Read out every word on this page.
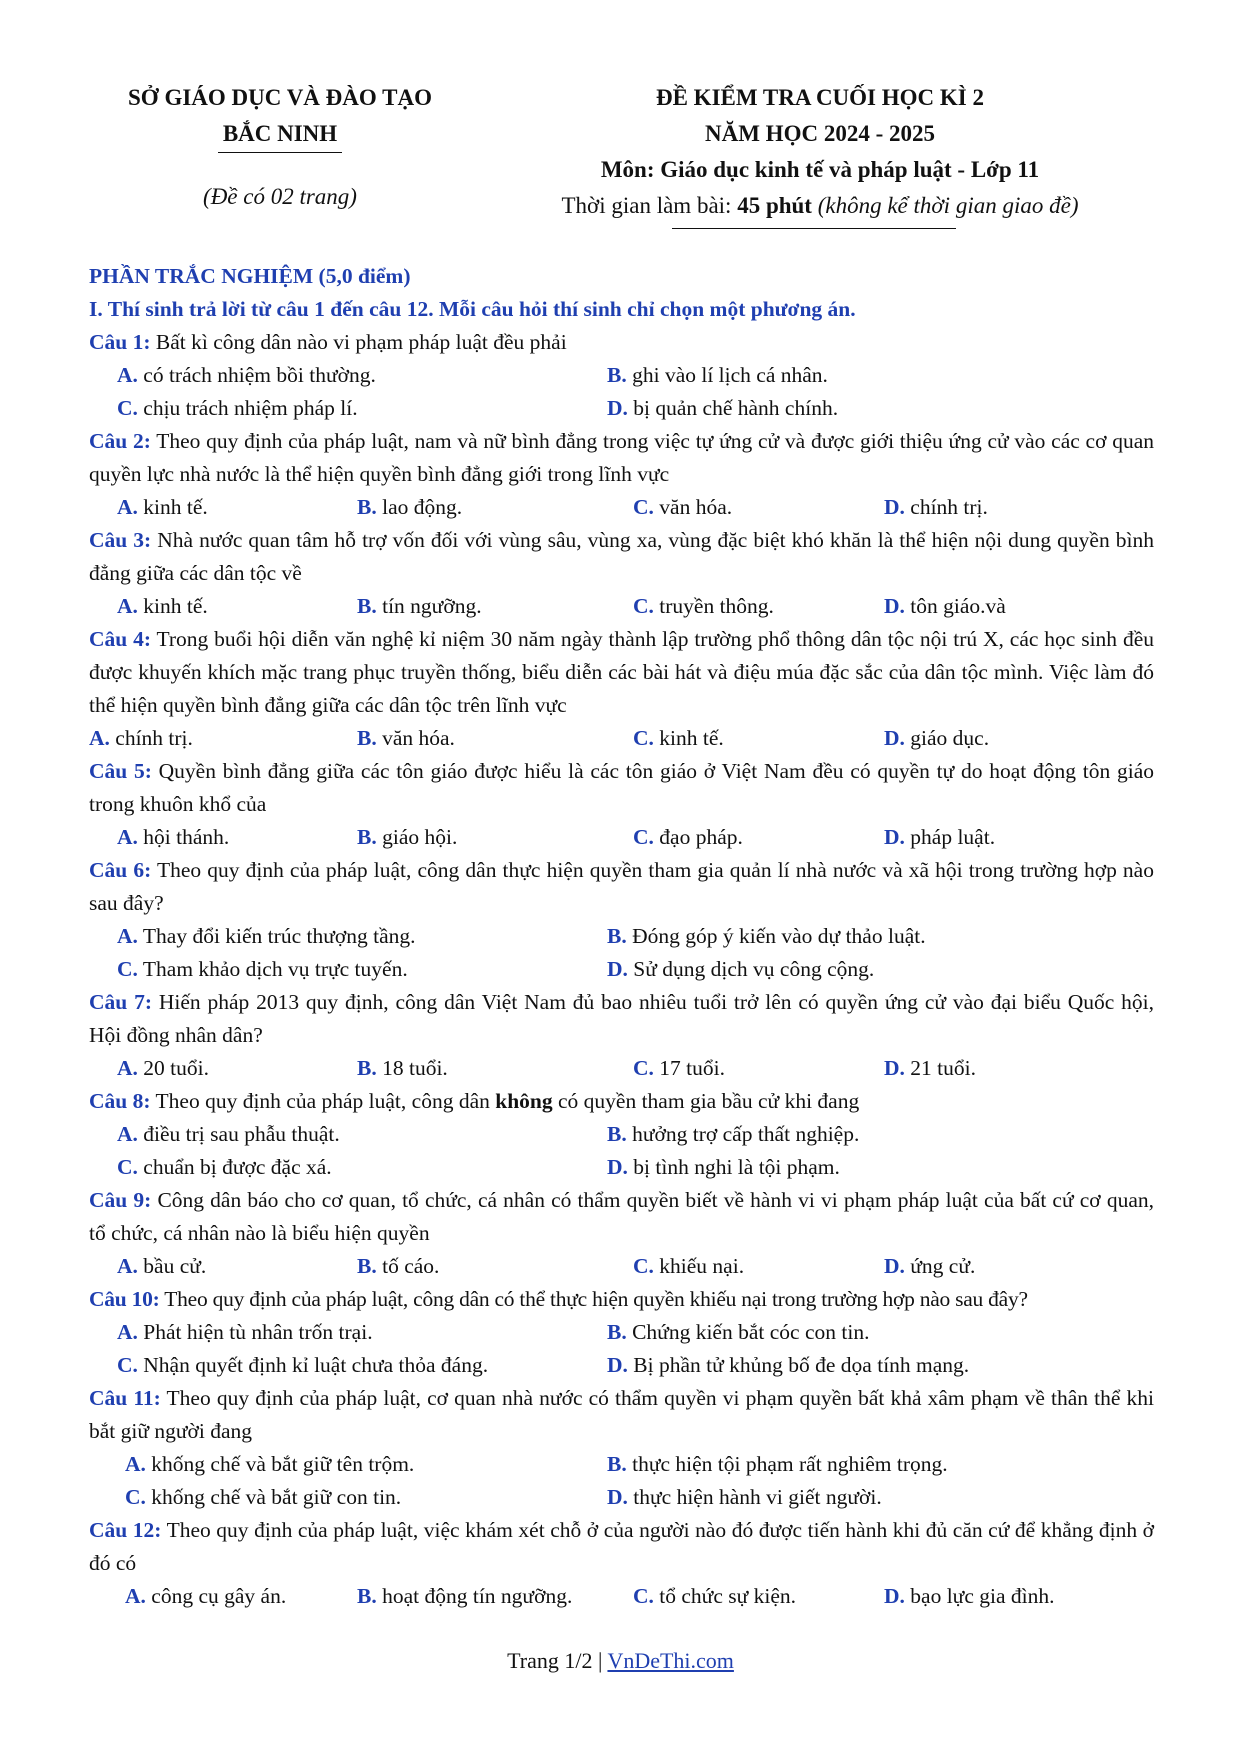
SỞ GIÁO DỤC VÀ ĐÀO TẠO
BẮC NINH
(Đề có 02 trang)
ĐỀ KIỂM TRA CUỐI HỌC KÌ 2
NĂM HỌC 2024 - 2025
Môn: Giáo dục kinh tế và pháp luật - Lớp 11
Thời gian làm bài: 45 phút (không kể thời gian giao đề)
PHẦN TRẮC NGHIỆM (5,0 điểm)
I. Thí sinh trả lời từ câu 1 đến câu 12. Mỗi câu hỏi thí sinh chỉ chọn một phương án.
Câu 1: Bất kì công dân nào vi phạm pháp luật đều phải
A. có trách nhiệm bồi thường.	B. ghi vào lí lịch cá nhân.
C. chịu trách nhiệm pháp lí.	D. bị quản chế hành chính.
Câu 2: Theo quy định của pháp luật, nam và nữ bình đẳng trong việc tự ứng cử và được giới thiệu ứng cử vào các cơ quan quyền lực nhà nước là thể hiện quyền bình đẳng giới trong lĩnh vực
A. kinh tế.	B. lao động.	C. văn hóa.	D. chính trị.
Câu 3: Nhà nước quan tâm hỗ trợ vốn đối với vùng sâu, vùng xa, vùng đặc biệt khó khăn là thể hiện nội dung quyền bình đẳng giữa các dân tộc về
A. kinh tế.	B. tín ngưỡng.	C. truyền thông.	D. tôn giáo.và
Câu 4: Trong buổi hội diễn văn nghệ kỉ niệm 30 năm ngày thành lập trường phổ thông dân tộc nội trú X, các học sinh đều được khuyến khích mặc trang phục truyền thống, biểu diễn các bài hát và điệu múa đặc sắc của dân tộc mình. Việc làm đó thể hiện quyền bình đẳng giữa các dân tộc trên lĩnh vực
A. chính trị.	B. văn hóa.	C. kinh tế.	D. giáo dục.
Câu 5: Quyền bình đẳng giữa các tôn giáo được hiểu là các tôn giáo ở Việt Nam đều có quyền tự do hoạt động tôn giáo trong khuôn khổ của
A. hội thánh.	B. giáo hội.	C. đạo pháp.	D. pháp luật.
Câu 6: Theo quy định của pháp luật, công dân thực hiện quyền tham gia quản lí nhà nước và xã hội trong trường hợp nào sau đây?
A. Thay đổi kiến trúc thượng tầng.	B. Đóng góp ý kiến vào dự thảo luật.
C. Tham khảo dịch vụ trực tuyến.	D. Sử dụng dịch vụ công cộng.
Câu 7: Hiến pháp 2013 quy định, công dân Việt Nam đủ bao nhiêu tuổi trở lên có quyền ứng cử vào đại biểu Quốc hội, Hội đồng nhân dân?
A. 20 tuổi.	B. 18 tuổi.	C. 17 tuổi.	D. 21 tuổi.
Câu 8: Theo quy định của pháp luật, công dân không có quyền tham gia bầu cử khi đang
A. điều trị sau phẫu thuật.	B. hưởng trợ cấp thất nghiệp.
C. chuẩn bị được đặc xá.	D. bị tình nghi là tội phạm.
Câu 9: Công dân báo cho cơ quan, tổ chức, cá nhân có thẩm quyền biết về hành vi vi phạm pháp luật của bất cứ cơ quan, tổ chức, cá nhân nào là biểu hiện quyền
A. bầu cử.	B. tố cáo.	C. khiếu nại.	D. ứng cử.
Câu 10: Theo quy định của pháp luật, công dân có thể thực hiện quyền khiếu nại trong trường hợp nào sau đây?
A. Phát hiện tù nhân trốn trại.	B. Chứng kiến bắt cóc con tin.
C. Nhận quyết định kỉ luật chưa thỏa đáng.	D. Bị phần tử khủng bố đe dọa tính mạng.
Câu 11: Theo quy định của pháp luật, cơ quan nhà nước có thẩm quyền vi phạm quyền bất khả xâm phạm về thân thể khi bắt giữ người đang
A. khống chế và bắt giữ tên trộm.	B. thực hiện tội phạm rất nghiêm trọng.
C. khống chế và bắt giữ con tin.	D. thực hiện hành vi giết người.
Câu 12: Theo quy định của pháp luật, việc khám xét chỗ ở của người nào đó được tiến hành khi đủ căn cứ để khẳng định ở đó có
A. công cụ gây án.	B. hoạt động tín ngưỡng.	C. tổ chức sự kiện.	D. bạo lực gia đình.
Trang 1/2 | VnDeThi.com
